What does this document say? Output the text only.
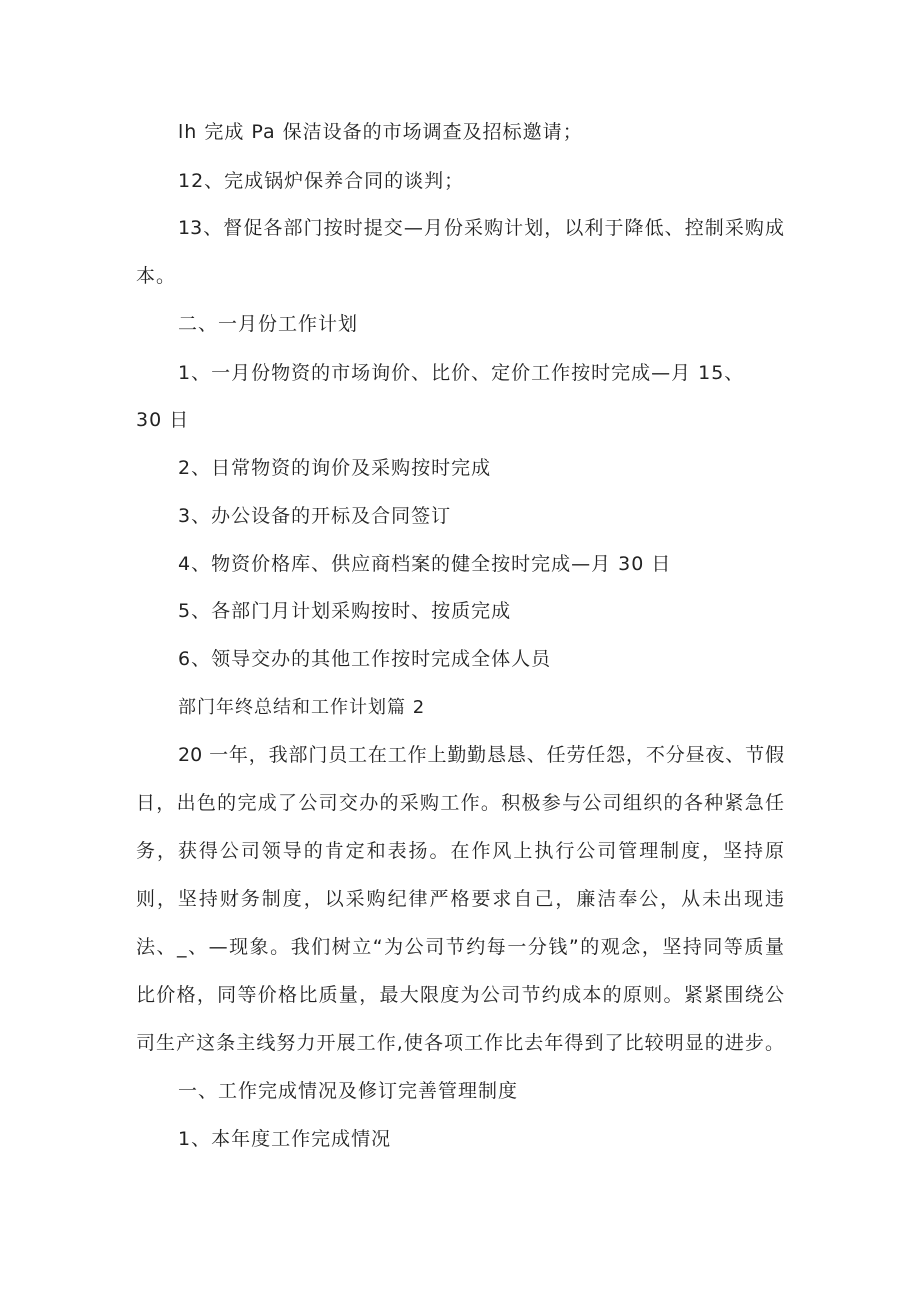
lh 完成 Pa 保洁设备的市场调查及招标邀请；
12、完成锅炉保养合同的谈判；
13、督促各部门按时提交—月份采购计划，以利于降低、控制采购成
本。
二、一月份工作计划
1、一月份物资的市场询价、比价、定价工作按时完成—月 15、
30 日
2、日常物资的询价及采购按时完成
3、办公设备的开标及合同签订
4、物资价格库、供应商档案的健全按时完成—月 30 日
5、各部门月计划采购按时、按质完成
6、领导交办的其他工作按时完成全体人员
部门年终总结和工作计划篇 2
20 一年，我部门员工在工作上勤勤恳恳、任劳任怨，不分昼夜、节假
日，出色的完成了公司交办的采购工作。积极参与公司组织的各种紧急任
务，获得公司领导的肯定和表扬。在作风上执行公司管理制度，坚持原
则，坚持财务制度，以采购纪律严格要求自己，廉洁奉公，从未出现违
法、_、—现象。我们树立“为公司节约每一分钱”的观念，坚持同等质量
比价格，同等价格比质量，最大限度为公司节约成本的原则。紧紧围绕公
司生产这条主线努力开展工作,使各项工作比去年得到了比较明显的进步。
一、工作完成情况及修订完善管理制度
1、本年度工作完成情况
